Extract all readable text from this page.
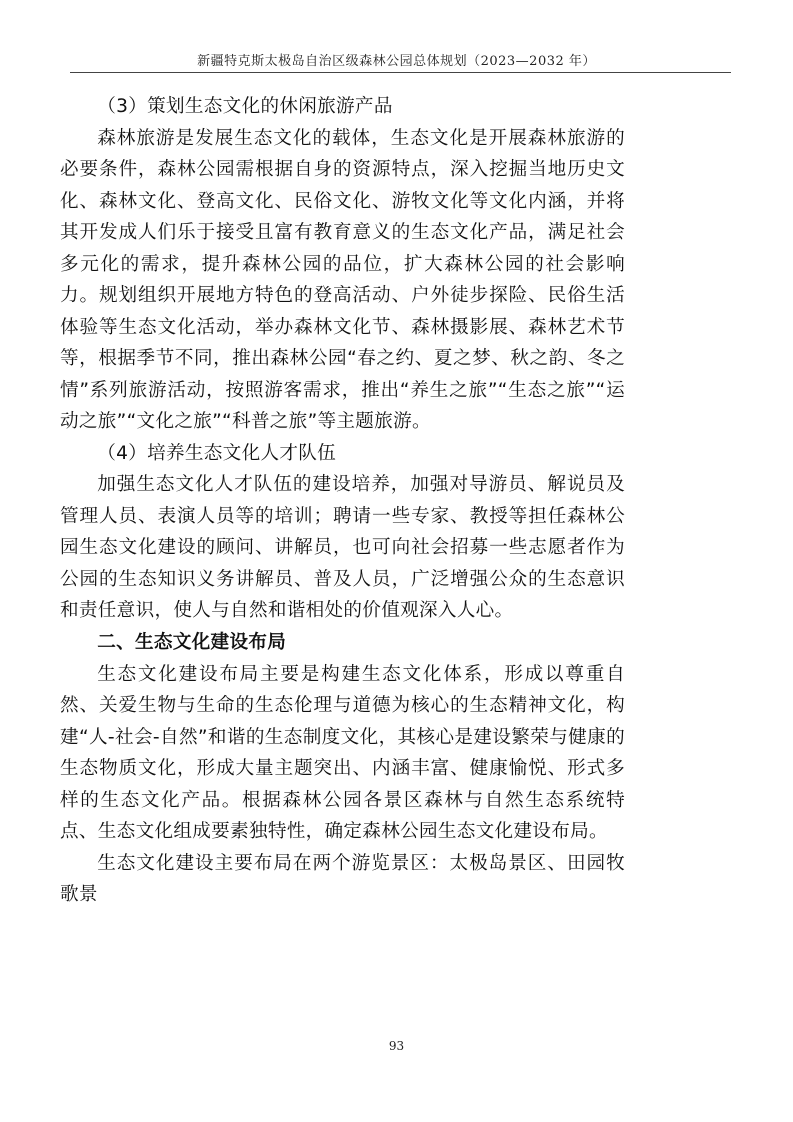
新疆特克斯太极岛自治区级森林公园总体规划（2023—2032 年）

（3）策划生态文化的休闲旅游产品

森林旅游是发展生态文化的载体，生态文化是开展森林旅游的必要条件，森林公园需根据自身的资源特点，深入挖掘当地历史文化、森林文化、登高文化、民俗文化、游牧文化等文化内涵，并将其开发成人们乐于接受且富有教育意义的生态文化产品，满足社会多元化的需求，提升森林公园的品位，扩大森林公园的社会影响力。规划组织开展地方特色的登高活动、户外徒步探险、民俗生活体验等生态文化活动，举办森林文化节、森林摄影展、森林艺术节等，根据季节不同，推出森林公园“春之约、夏之梦、秋之韵、冬之情”系列旅游活动，按照游客需求，推出“养生之旅”“生态之旅”“运动之旅”“文化之旅”“科普之旅”等主题旅游。

（4）培养生态文化人才队伍

加强生态文化人才队伍的建设培养，加强对导游员、解说员及管理人员、表演人员等的培训；聘请一些专家、教授等担任森林公园生态文化建设的顾问、讲解员，也可向社会招募一些志愿者作为公园的生态知识义务讲解员、普及人员，广泛增强公众的生态意识和责任意识，使人与自然和谐相处的价值观深入人心。

二、生态文化建设布局

生态文化建设布局主要是构建生态文化体系，形成以尊重自然、关爱生物与生命的生态伦理与道德为核心的生态精神文化，构建“人-社会-自然”和谐的生态制度文化，其核心是建设繁荣与健康的生态物质文化，形成大量主题突出、内涵丰富、健康愉悦、形式多样的生态文化产品。根据森林公园各景区森林与自然生态系统特点、生态文化组成要素独特性，确定森林公园生态文化建设布局。

生态文化建设主要布局在两个游览景区：太极岛景区、田园牧歌景

93
